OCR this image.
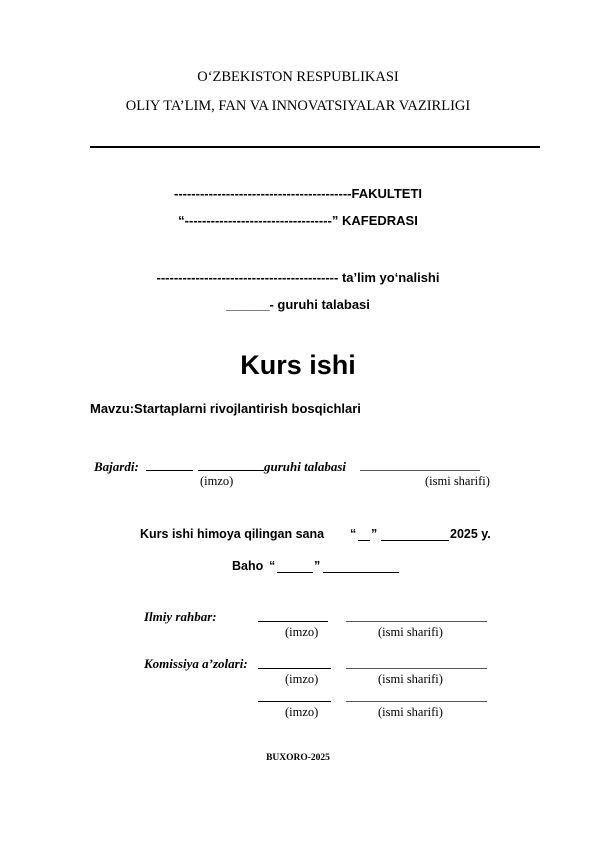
O‘ZBEKISTON RESPUBLIKASI
OLIY TA’LIM, FAN VA INNOVATSIYALAR VAZIRLIGI
-----------------------------------------FAKULTETI
“----------------------------------” KAFEDRASI
------------------------------------------ ta’lim yo‘nalishi
______- guruhi talabasi
Kurs ishi
Mavzu:Startaplarni rivojlantirish bosqichlari
Bajardi:	guruhi talabasi
(imzo)	(ismi sharifi)
Kurs ishi himoya qilingan sana “ ”	2025 y.
Baho “	”
Ilmiy rahbar:
(imzo)	(ismi sharifi)
Komissiya a’zolari:
(imzo)	(ismi sharifi)
(imzo)	(ismi sharifi)
BUXORO-2025
